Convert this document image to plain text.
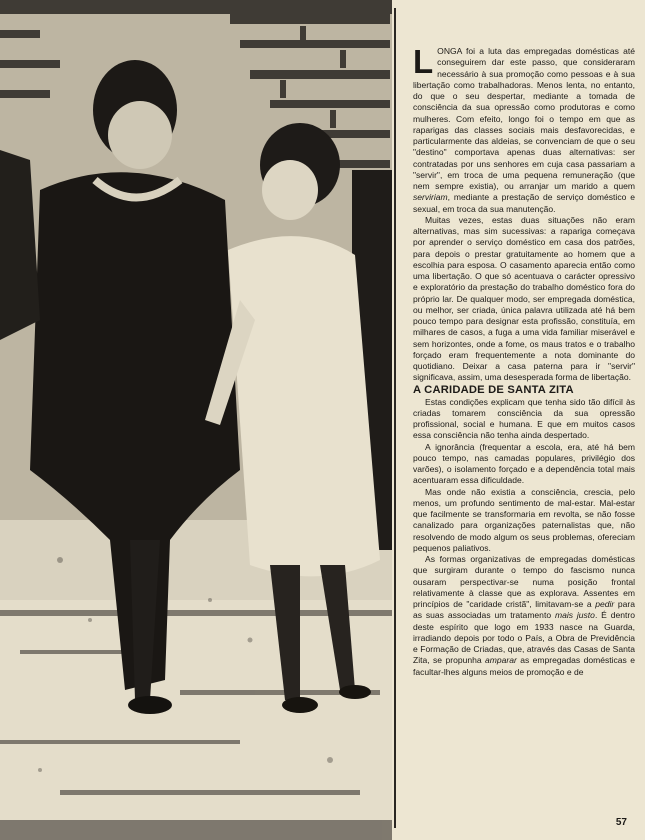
LONGA foi a luta das empregadas domésticas até conseguirem dar este passo, que consideraram necessário à sua promoção como pessoas e à sua libertação como trabalhadoras. Menos lenta, no entanto, do que o seu despertar, mediante a tomada de consciência da sua opressão como produtoras e como mulheres. Com efeito, longo foi o tempo em que as raparigas das classes sociais mais desfavorecidas, e particularmente das aldeias, se convenciam de que o seu "destino" comportava apenas duas alternativas: ser contratadas por uns senhores em cuja casa passariam a "servir", em troca de uma pequena remuneração (que nem sempre existia), ou arranjar um marido a quem serviriam, mediante a prestação de serviço doméstico e sexual, em troca da sua manutenção.

Muitas vezes, estas duas situações não eram alternativas, mas sim sucessivas: a rapariga começava por aprender o serviço doméstico em casa dos patrões, para depois o prestar gratuitamente ao homem que a escolhia para esposa. O casamento aparecia então como uma libertação. O que só acentuava o carácter opressivo e exploratório da prestação do trabalho doméstico fora do próprio lar. De qualquer modo, ser empregada doméstica, ou melhor, ser criada, única palavra utilizada até há bem pouco tempo para designar esta profissão, constituía, em milhares de casos, a fuga a uma vida familiar miserável e sem horizontes, onde a fome, os maus tratos e o trabalho forçado eram frequentemente a nota dominante do quotidiano. Deixar a casa paterna para ir "servir" significava, assim, uma desesperada forma de libertação.

A CARIDADE DE SANTA ZITA

Estas condições explicam que tenha sido tão difícil às criadas tomarem consciência da sua opressão profissional, social e humana. E que em muitos casos essa consciência não tenha ainda despertado.

A ignorância (frequentar a escola, era, até há bem pouco tempo, nas camadas populares, privilégio dos varões), o isolamento forçado e a dependência total mais acentuaram essa dificuldade.

Mas onde não existia a consciência, crescia, pelo menos, um profundo sentimento de mal-estar. Mal-estar que facilmente se transformaria em revolta, se não fosse canalizado para organizações paternalistas que, não resolvendo de modo algum os seus problemas, ofereciam pequenos paliativos.

As formas organizativas de empregadas domésticas que surgiram durante o tempo do fascismo nunca ousaram perspectivar-se numa posição frontal relativamente à classe que as explorava. Assentes em princípios de "caridade cristã", limitavam-se a pedir para as suas associadas um tratamento mais justo. É dentro deste espírito que logo em 1933 nasce na Guarda, irradiando depois por todo o País, a Obra de Previdência e Formação de Criadas, que, através das Casas de Santa Zita, se propunha amparar as empregadas domésticas e facultar-lhes alguns meios de promoção e de

57
